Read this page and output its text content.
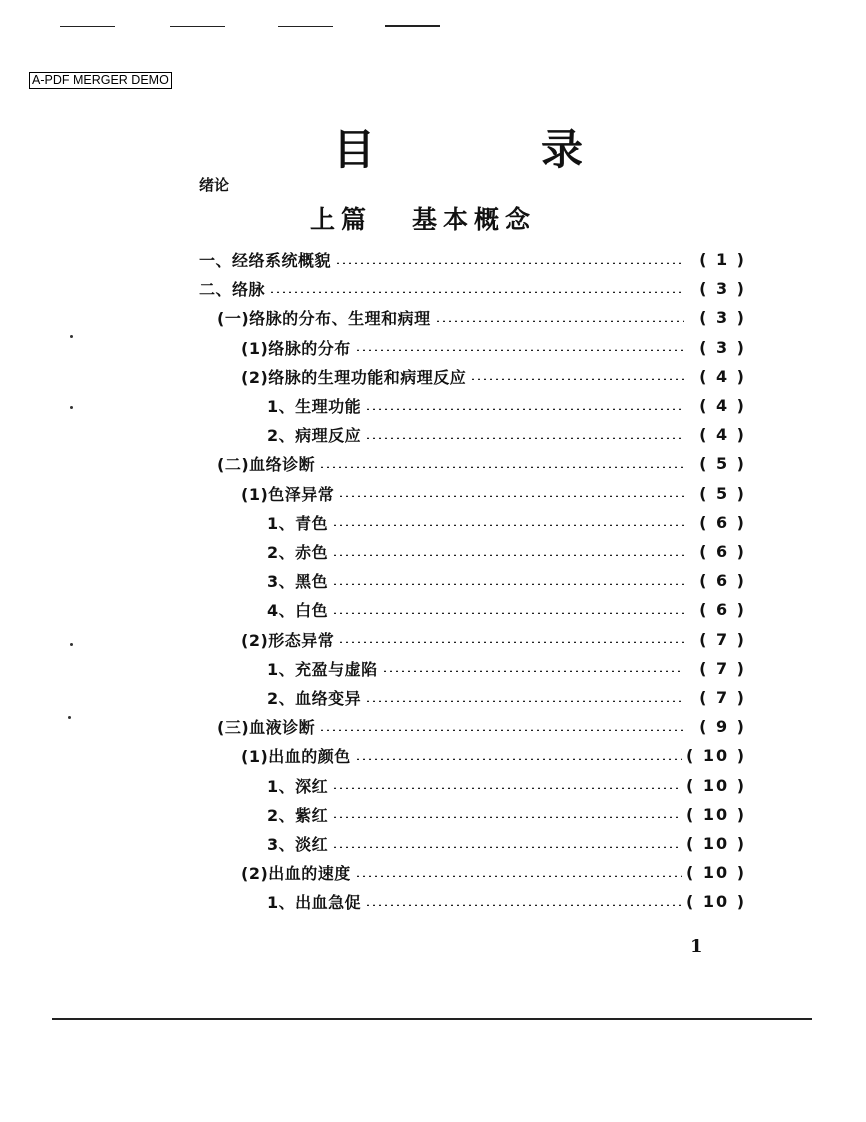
A-PDF MERGER DEMO
目	录
绪论
上篇 基本概念
一、经络系统概貌	( 1 )
二、络脉	( 3 )
(一)络脉的分布、生理和病理	( 3 )
(1)络脉的分布	( 3 )
(2)络脉的生理功能和病理反应	( 4 )
1、生理功能	( 4 )
2、病理反应	( 4 )
(二)血络诊断	( 5 )
(1)色泽异常	( 5 )
1、青色	( 6 )
2、赤色	( 6 )
3、黑色	( 6 )
4、白色	( 6 )
(2)形态异常	( 7 )
1、充盈与虚陷	( 7 )
2、血络变异	( 7 )
(三)血液诊断	( 9 )
(1)出血的颜色	( 10 )
1、深红	( 10 )
2、紫红	( 10 )
3、淡红	( 10 )
(2)出血的速度	( 10 )
1、出血急促	( 10 )
1
